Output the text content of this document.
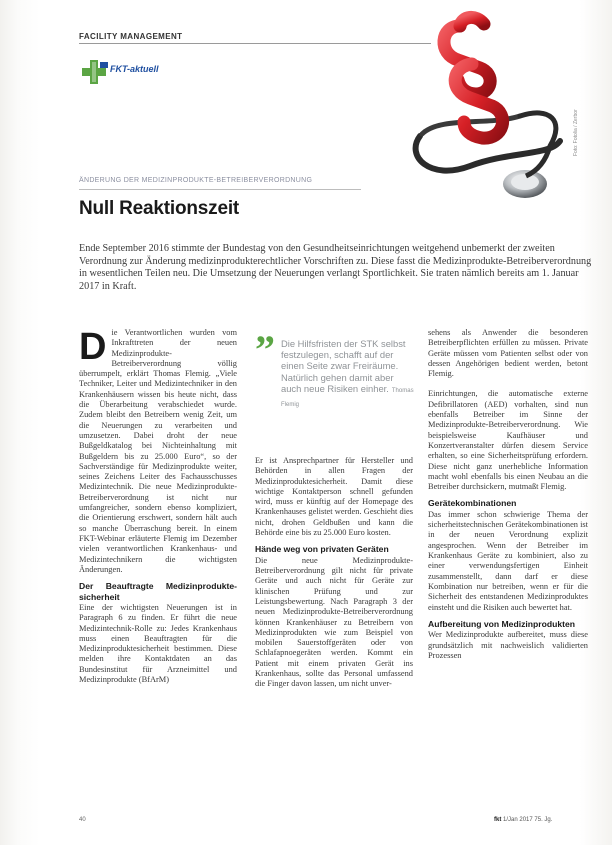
FACILITY MANAGEMENT
FKT-aktuell
Foto: Fotolia / Zerbor
ÄNDERUNG DER MEDIZINPRODUKTE-BETREIBERVERORDNUNG
Null Reaktionszeit

Ende September 2016 stimmte der Bundestag von den Gesundheitseinrichtungen weitgehend unbemerkt der zweiten Verordnung zur Änderung medizinprodukterechtlicher Vorschriften zu. Diese fasst die Medizinprodukte-Betreiberverordnung in wesentlichen Teilen neu. Die Umsetzung der Neuerungen verlangt Sportlichkeit. Sie traten nämlich bereits am 1. Januar 2017 in Kraft.

D ie Verantwortlichen wurden vom Inkrafttreten der neuen Medizinprodukte-Betreiberverordnung völlig überrumpelt, erklärt Thomas Flemig. „Viele Techniker, Leiter und Medizintechniker in den Krankenhäusern wissen bis heute nicht, dass die Überarbeitung verabschiedet wurde. Zudem bleibt den Betreibern wenig Zeit, um die Neuerungen zu verarbeiten und umzusetzen. Dabei droht der neue Bußgeldkatalog bei Nichteinhaltung mit Bußgeldern bis zu 25.000 Euro“, so der Sachverständige für Medizinprodukte weiter, seines Zeichens Leiter des Fachausschusses Medizintechnik. Die neue Medizinprodukte-Betreiberverordnung ist nicht nur umfangreicher, sondern ebenso kompliziert, die Orientierung erschwert, sondern hält auch so manche Überraschung bereit. In einem FKT-Webinar erläuterte Flemig im Dezember vielen verantwortlichen Krankenhaus- und Medizintechnikern die wichtigsten Änderungen.

Der Beauftragte Medizinprodukte-sicherheit

Eine der wichtigsten Neuerungen ist in Paragraph 6 zu finden. Er führt die neue Medizintechnik-Rolle zu: Jedes Krankenhaus muss einen Beauftragten für die Medizinproduktesicherheit bestimmen. Diese melden ihre Kontaktdaten an das Bundesinstitut für Arzneimittel und Medizinprodukte (BfArM)

” Die Hilfsfristen der STK selbst festzulegen, schafft auf der einen Seite zwar Freiräume. Natürlich gehen damit aber auch neue Risiken einher. Thomas Flemig

Er ist Ansprechpartner für Hersteller und Behörden in allen Fragen der Medizinproduktesicherheit. Damit diese wichtige Kontaktperson schnell gefunden wird, muss er künftig auf der Homepage des Krankenhauses gelistet werden. Geschieht dies nicht, drohen Geldbußen und kann die Behörde eine bis zu 25.000 Euro kosten.

Hände weg von privaten Geräten

Die neue Medizinprodukte-Betreiberverordnung gilt nicht für private Geräte und auch nicht für Geräte zur klinischen Prüfung und zur Leistungsbewertung. Nach Paragraph 3 der neuen Medizinprodukte-Betreiberverordnung können Krankenhäuser zu Betreibern von Medizinprodukten wie zum Beispiel von mobilen Sauerstoffgeräten oder von Schlafapnoegeräten werden. Kommt ein Patient mit einem privaten Gerät ins Krankenhaus, sollte das Personal umfassend die Finger davon lassen, um nicht unver-

sehens als Anwender die besonderen Betreiberpflichten erfüllen zu müssen. Private Geräte müssen vom Patienten selbst oder von dessen Angehörigen bedient werden, betont Flemig.

Einrichtungen, die automatische externe Defibrillatoren (AED) vorhalten, sind nun ebenfalls Betreiber im Sinne der Medizinprodukte-Betreiberverordnung. Wie beispielsweise Kaufhäuser und Konzertveranstalter dürfen diesem Service erhalten, so eine Sicherheitsprüfung erfordern. Diese nicht ganz unerhebliche Information macht wohl ebenfalls bis einen Neubau an die Betreiber durchsickern, mutmaßt Flemig.

Gerätekombinationen

Das immer schon schwierige Thema der sicherheitstechnischen Gerätekombinationen ist in der neuen Verordnung explizit angesprochen. Wenn der Betreiber im Krankenhaus Geräte zu kombiniert, also zu einer verwendungsfertigen Einheit zusammenstellt, dann darf er diese Kombination nur betreiben, wenn er für die Sicherheit des entstandenen Medizinproduktes einsteht und die Risiken auch bewertet hat.

Aufbereitung von Medizinprodukten

Wer Medizinprodukte aufbereitet, muss diese grundsätzlich mit nachweislich validierten Prozessen

40	fkt 1/Jan 2017 75. Jg.
